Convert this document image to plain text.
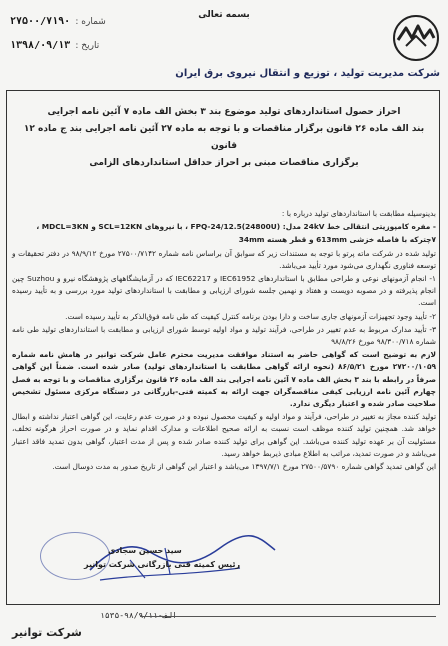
بسمه تعالی
۲۷۵۰۰/۷۱۹۰ شماره :
۱۳۹۸/۰۹/۱۳ تاریخ :
شرکت مدیریت تولید ، توزیع و انتقال نیروی برق ایران
احراز حصول استانداردهای تولید موضوع بند ۳ بخش الف ماده ۷ آئین نامه اجرایی
بند الف ماده ۲۶ قانون برگزار مناقصات و با توجه به ماده ۲۷ آئین نامه اجرایی بند ج ماده ۱۲ قانون
برگزاری مناقصات مبنی بر احراز حداقل استانداردهای الزامی

بدینوسیله مطابقت با استانداردهای تولید درباره با :

- مفره کامپوزیتی انتقالی خط 24kV مدل: FPQ-24/12.5(24800U) ، با نیروهای SCL=12KN و MDCL=3KN ،

۷چترکه با فاصله خزشی 613mm و قطر هسته 34mm

تولید شده در شرکت ماته پرتو با توجه به مستندات زیر که سوابق آن براساس نامه شماره ۲۷۵۰۰/۷۱۴۲ مورخ ۹۸/۹/۱۲ در دفتر تحقیقات و توسعه فناوری نگهداری می‌شود مورد تأیید می‌باشد.

۱- انجام آزمونهای نوعی و طراحی مطابق با استانداردهای IEC61952 و IEC62217 که در آزمایشگاههای پژوهشگاه نیرو و Suzhou چین انجام پذیرفته و در مصوبه دویست و هفتاد و نهمین جلسه شورای ارزیابی و مطابقت با استانداردهای تولید مورد بررسی و به تأیید رسیده است.

۲- تأیید وجود تجهیزات آزمونهای جاری ساخت و دارا بودن برنامه کنترل کیفیت که طی نامه فوق‌الذکر به تأیید رسیده است.

۳- تأیید مدارک مربوط به عدم تغییر در طراحی، فرآیند تولید و مواد اولیه توسط شورای ارزیابی و مطابقت با استانداردهای تولید طی نامه شماره ۹۸/۳۰۰/۷۱۸ مورخ ۹۸/۸/۲۶

لازم به توضیح است که گواهی حاضر به استناد موافقت مدیریت محترم عامل شرکت توانیر در هامش نامه شماره ۲۷۲۰۰/۱۰۵۹ مورخ ۸۶/۵/۲۱ (نحوه ارائه گواهی مطابقت با استانداردهای تولید) صادر شده است. ضمناً این گواهی صرفاً در رابطه با بند ۳ بخش الف ماده ۷ آئین نامه اجرایی بند الف ماده ۲۶ قانون برگزاری مناقصات و با توجه به فصل چهارم آئین نامه ارزیابی کیفی مناقصه‌گران جهت ارائه به کمیته فنی-بازرگانی در دستگاه مرکزی مسئول تشخیص صلاحیت صادر شده و اعتبار دیگری ندارد.

تولید کننده مجاز به تغییر در طراحی، فرآیند و مواد اولیه و کیفیت محصول نبوده و در صورت عدم رعایت، این گواهی اعتبار نداشته و ابطال خواهد شد. همچنین تولید کننده موظف است نسبت به ارائه صحیح اطلاعات و مدارک اقدام نماید و در صورت احراز هرگونه تخلف، مسئولیت آن بر عهده تولید کننده می‌باشد. این گواهی برای تولید کننده صادر شده و پس از مدت اعتبار، گواهی بدون تمدید فاقد اعتبار می‌باشد و در صورت تمدید، مراتب به اطلاع مبادی ذیربط خواهد رسید.

این گواهی تمدید گواهی شماره ۲۷۵۰۰/۵۷۹۰ مورخ ۱۳۹۷/۷/۱ می‌باشد و اعتبار این گواهی از تاریخ صدور به مدت دوسال است.

سید حسین سجادی
رئیس کمیته فنی بازرگانی شرکت توانیر
الف-۹۸/۹/۱۱-۱۵۳۵
شرکت توانیر
